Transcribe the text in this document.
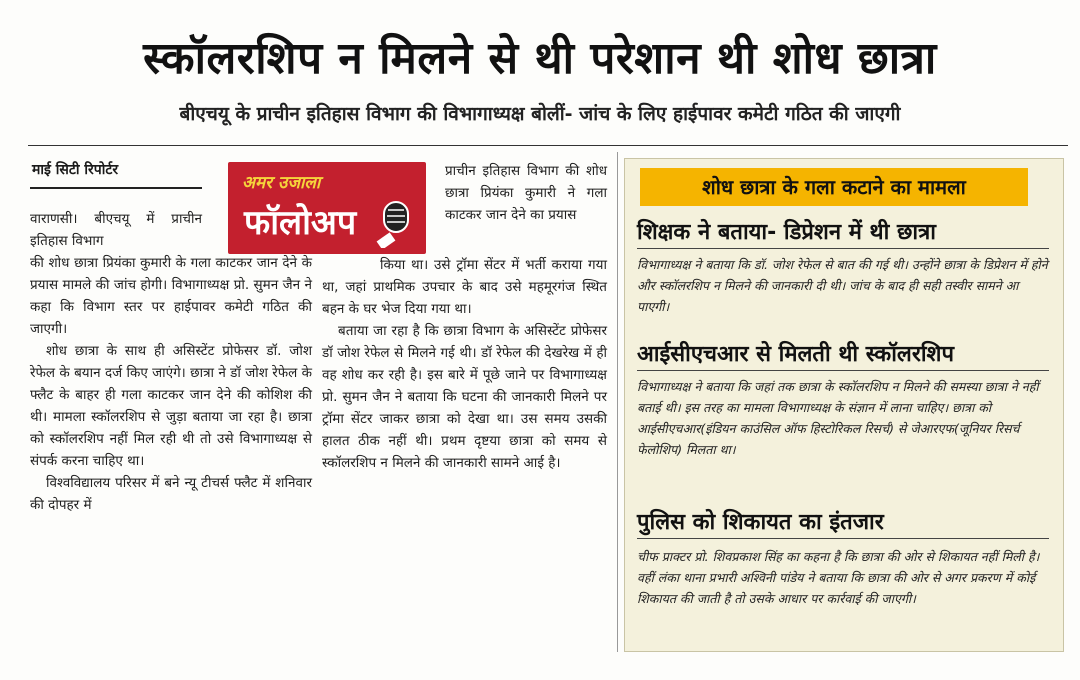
स्कॉलरशिप न मिलने से थी परेशान थी शोध छात्रा
बीएचयू के प्राचीन इतिहास विभाग की विभागाध्यक्ष बोलीं- जांच के लिए हाईपावर कमेटी गठित की जाएगी
माई सिटी रिपोर्टर

वाराणसी। बीएचयू में प्राचीन इतिहास विभाग

की शोध छात्रा प्रियंका कुमारी के गला काटकर जान देने के प्रयास मामले की जांच होगी। विभागाध्यक्ष प्रो. सुमन जैन ने कहा कि विभाग स्तर पर हाईपावर कमेटी गठित की जाएगी।

शोध छात्रा के साथ ही असिस्टेंट प्रोफेसर डॉ. जोश रेफेल के बयान दर्ज किए जाएंगे। छात्रा ने डॉ जोश रेफेल के फ्लैट के बाहर ही गला काटकर जान देने की कोशिश की थी। मामला स्कॉलरशिप से जुड़ा बताया जा रहा है। छात्रा को स्कॉलरशिप नहीं मिल रही थी तो उसे विभागाध्यक्ष से संपर्क करना चाहिए था।

विश्वविद्यालय परिसर में बने न्यू टीचर्स फ्लैट में शनिवार की दोपहर में

अमर उजाला
फॉलोअप

प्राचीन इतिहास विभाग की शोध छात्रा प्रियंका कुमारी ने गला काटकर जान देने का प्रयास

किया था। उसे ट्रॉमा सेंटर में भर्ती कराया गया था, जहां प्राथमिक उपचार के बाद उसे महमूरगंज स्थित बहन के घर भेज दिया गया था।

बताया जा रहा है कि छात्रा विभाग के असिस्टेंट प्रोफेसर डॉ जोश रेफेल से मिलने गई थी। डॉ रेफेल की देखरेख में ही वह शोध कर रही है। इस बारे में पूछे जाने पर विभागाध्यक्ष प्रो. सुमन जैन ने बताया कि घटना की जानकारी मिलने पर ट्रॉमा सेंटर जाकर छात्रा को देखा था। उस समय उसकी हालत ठीक नहीं थी। प्रथम दृष्टया छात्रा को समय से स्कॉलरशिप न मिलने की जानकारी सामने आई है।

शोध छात्रा के गला कटाने का मामला
शिक्षक ने बताया- डिप्रेशन में थी छात्रा
विभागाध्यक्ष ने बताया कि डॉ. जोश रेफेल से बात की गई थी। उन्होंने छात्रा के डिप्रेशन में होने और स्कॉलरशिप न मिलने की जानकारी दी थी। जांच के बाद ही सही तस्वीर सामने आ पाएगी।
आईसीएचआर से मिलती थी स्कॉलरशिप
विभागाध्यक्ष ने बताया कि जहां तक छात्रा के स्कॉलरशिप न मिलने की समस्या छात्रा ने नहीं बताई थी। इस तरह का मामला विभागाध्यक्ष के संज्ञान में लाना चाहिए। छात्रा को आईसीएचआर(इंडियन काउंसिल ऑफ हिस्टोरिकल रिसर्च) से जेआरएफ(जूनियर रिसर्च फेलोशिप) मिलता था।
पुलिस को शिकायत का इंतजार
चीफ प्राक्टर प्रो. शिवप्रकाश सिंह का कहना है कि छात्रा की ओर से शिकायत नहीं मिली है। वहीं लंका थाना प्रभारी अश्विनी पांडेय ने बताया कि छात्रा की ओर से अगर प्रकरण में कोई शिकायत की जाती है तो उसके आधार पर कार्रवाई की जाएगी।
